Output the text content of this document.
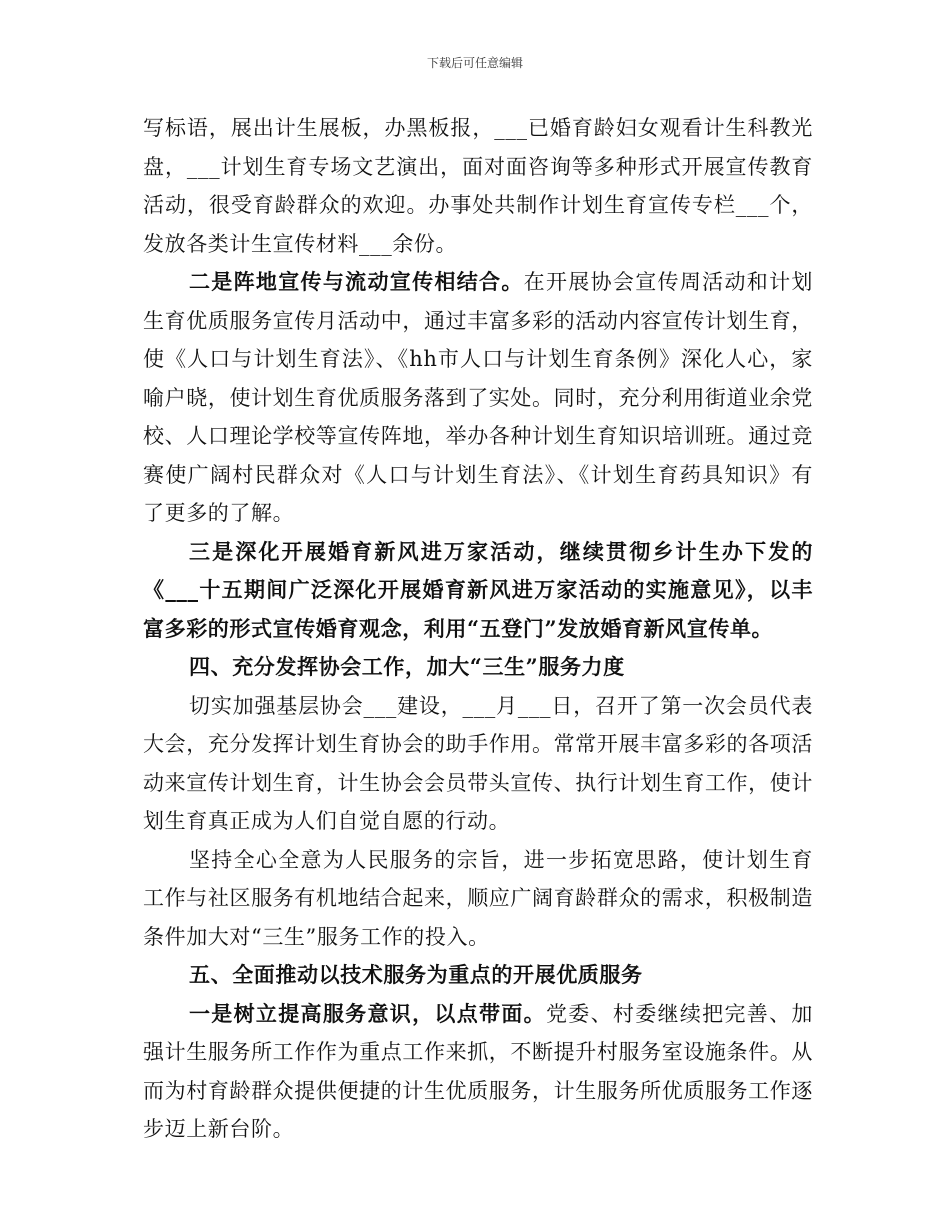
下载后可任意编辑

写标语，展出计生展板，办黑板报，___已婚育龄妇女观看计生科教光盘，___计划生育专场文艺演出，面对面咨询等多种形式开展宣传教育活动，很受育龄群众的欢迎。办事处共制作计划生育宣传专栏___个，发放各类计生宣传材料___余份。

二是阵地宣传与流动宣传相结合。在开展协会宣传周活动和计划生育优质服务宣传月活动中，通过丰富多彩的活动内容宣传计划生育，使《人口与计划生育法》、《hh市人口与计划生育条例》深化人心，家喻户晓，使计划生育优质服务落到了实处。同时，充分利用街道业余党校、人口理论学校等宣传阵地，举办各种计划生育知识培训班。通过竞赛使广阔村民群众对《人口与计划生育法》、《计划生育药具知识》有了更多的了解。

三是深化开展婚育新风进万家活动，继续贯彻乡计生办下发的《___十五期间广泛深化开展婚育新风进万家活动的实施意见》，以丰富多彩的形式宣传婚育观念，利用“五登门”发放婚育新风宣传单。

四、充分发挥协会工作，加大“三生”服务力度

切实加强基层协会___建设，___月___日，召开了第一次会员代表大会，充分发挥计划生育协会的助手作用。常常开展丰富多彩的各项活动来宣传计划生育，计生协会会员带头宣传、执行计划生育工作，使计划生育真正成为人们自觉自愿的行动。

坚持全心全意为人民服务的宗旨，进一步拓宽思路，使计划生育工作与社区服务有机地结合起来，顺应广阔育龄群众的需求，积极制造条件加大对“三生”服务工作的投入。

五、全面推动以技术服务为重点的开展优质服务

一是树立提高服务意识，以点带面。党委、村委继续把完善、加强计生服务所工作作为重点工作来抓，不断提升村服务室设施条件。从而为村育龄群众提供便捷的计生优质服务，计生服务所优质服务工作逐步迈上新台阶。
